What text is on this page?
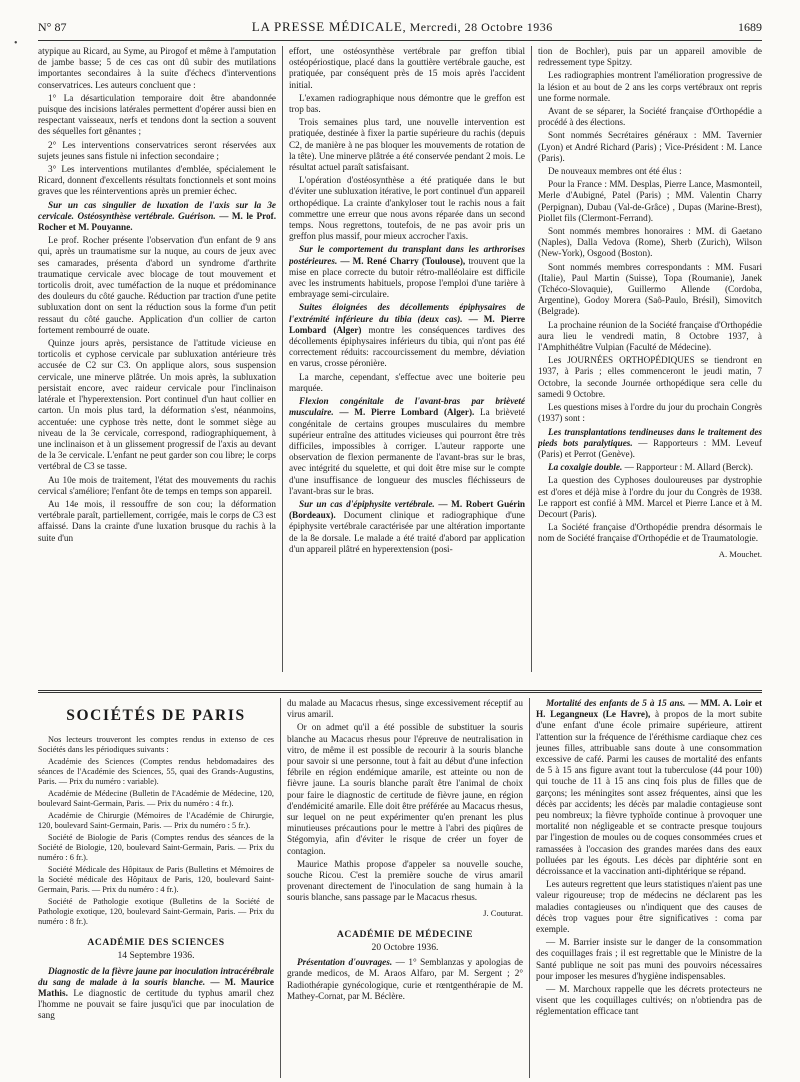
•
N° 87	LA PRESSE MÉDICALE, Mercredi, 28 Octobre 1936	1689

atypique au Ricard, au Syme, au Pirogof et même à l'amputation de jambe basse; 5 de ces cas ont dû subir des mutilations importantes secondaires à la suite d'échecs d'interventions conservatrices. Les auteurs concluent que :

1° La désarticulation temporaire doit être abandonnée puisque des incisions latérales permettent d'opérer aussi bien en respectant vaisseaux, nerfs et tendons dont la section a souvent des séquelles fort gênantes ;

2° Les interventions conservatrices seront réservées aux sujets jeunes sans fistule ni infection secondaire ;

3° Les interventions mutilantes d'emblée, spécialement le Ricard, donnent d'excellents résultats fonctionnels et sont moins graves que les réinterventions après un premier échec.

Sur un cas singulier de luxation de l'axis sur la 3e cervicale. Ostéosynthèse vertébrale. Guérison. — M. le Prof. Rocher et M. Pouyanne.

Le prof. Rocher présente l'observation d'un enfant de 9 ans qui, après un traumatisme sur la nuque, au cours de jeux avec ses camarades, présenta d'abord un syndrome d'arthrite traumatique cervicale avec blocage de tout mouvement et torticolis droit, avec tuméfaction de la nuque et prédominance des douleurs du côté gauche. Réduction par traction d'une petite subluxation dont on sent la réduction sous la forme d'un petit ressaut du côté gauche. Application d'un collier de carton fortement rembourré de ouate.

Quinze jours après, persistance de l'attitude vicieuse en torticolis et cyphose cervicale par subluxation antérieure très accusée de C2 sur C3. On applique alors, sous suspension cervicale, une minerve plâtrée. Un mois après, la subluxation persistait encore, avec raideur cervicale pour l'inclinaison latérale et l'hyperextension. Port continuel d'un haut collier en carton. Un mois plus tard, la déformation s'est, néanmoins, accentuée: une cyphose très nette, dont le sommet siège au niveau de la 3e cervicale, correspond, radiographiquement, à une inclinaison et à un glissement progressif de l'axis au devant de la 3e cervicale. L'enfant ne peut garder son cou libre; le corps vertébral de C3 se tasse.

Au 10e mois de traitement, l'état des mouvements du rachis cervical s'améliore; l'enfant ôte de temps en temps son appareil.

Au 14e mois, il ressouffre de son cou; la déformation vertébrale paraît, partiellement, corrigée, mais le corps de C3 est affaissé. Dans la crainte d'une luxation brusque du rachis à la suite d'un

effort, une ostéosynthèse vertébrale par greffon tibial ostéopériostique, placé dans la gouttière vertébrale gauche, est pratiquée, par conséquent près de 15 mois après l'accident initial.

L'examen radiographique nous démontre que le greffon est trop bas.

Trois semaines plus tard, une nouvelle intervention est pratiquée, destinée à fixer la partie supérieure du rachis (depuis C2, de manière à ne pas bloquer les mouvements de rotation de la tête). Une minerve plâtrée a été conservée pendant 2 mois. Le résultat actuel paraît satisfaisant.

L'opération d'ostéosynthèse a été pratiquée dans le but d'éviter une subluxation itérative, le port continuel d'un appareil orthopédique. La crainte d'ankyloser tout le rachis nous a fait commettre une erreur que nous avons réparée dans un second temps. Nous regrettons, toutefois, de ne pas avoir pris un greffon plus massif, pour mieux accrocher l'axis.

Sur le comportement du transplant dans les arthrorises postérieures. — M. René Charry (Toulouse), trouvent que la mise en place correcte du butoir rétro-malléolaire est difficile avec les instruments habituels, propose l'emploi d'une tarière à embrayage semi-circulaire.

Suites éloignées des décollements épiphysaires de l'extrémité inférieure du tibia (deux cas). — M. Pierre Lombard (Alger) montre les conséquences tardives des décollements épiphysaires inférieurs du tibia, qui n'ont pas été correctement réduits: raccourcissement du membre, déviation en varus, crosse péronière.

La marche, cependant, s'effectue avec une boiterie peu marquée.

Flexion congénitale de l'avant-bras par brièveté musculaire. — M. Pierre Lombard (Alger). La brièveté congénitale de certains groupes musculaires du membre supérieur entraîne des attitudes vicieuses qui pourront être très difficiles, impossibles à corriger. L'auteur rapporte une observation de flexion permanente de l'avant-bras sur le bras, avec intégrité du squelette, et qui doit être mise sur le compte d'une insuffisance de longueur des muscles fléchisseurs de l'avant-bras sur le bras.

Sur un cas d'épiphysite vertébrale. — M. Robert Guérin (Bordeaux). Document clinique et radiographique d'une épiphysite vertébrale caractérisée par une altération importante de la 8e dorsale. Le malade a été traité d'abord par application d'un appareil plâtré en hyperextension (posi-

tion de Bochler), puis par un appareil amovible de redressement type Spitzy.

Les radiographies montrent l'amélioration progressive de la lésion et au bout de 2 ans les corps vertébraux ont repris une forme normale.

Avant de se séparer, la Société française d'Orthopédie a procédé à des élections.

Sont nommés Secrétaires généraux : MM. Tavernier (Lyon) et André Richard (Paris) ; Vice-Président : M. Lance (Paris).

De nouveaux membres ont été élus :

Pour la France : MM. Desplas, Pierre Lance, Masmonteil, Merle d'Aubigné, Patel (Paris) ; MM. Valentin Charry (Perpignan), Dubau (Val-de-Grâce) , Dupas (Marine-Brest), Piollet fils (Clermont-Ferrand).

Sont nommés membres honoraires : MM. di Gaetano (Naples), Dalla Vedova (Rome), Sherb (Zurich), Wilson (New-York), Osgood (Boston).

Sont nommés membres correspondants : MM. Fusari (Italie), Paul Martin (Suisse), Topa (Roumanie), Janek (Tchéco-Slovaquie), Guillermo Allende (Cordoba, Argentine), Godoy Morera (Saô-Paulo, Brésil), Simovitch (Belgrade).

La prochaine réunion de la Société française d'Orthopédie aura lieu le vendredi matin, 8 Octobre 1937, à l'Amphithéâtre Vulpian (Faculté de Médecine).

Les JOURNÉES ORTHOPÉDIQUES se tiendront en 1937, à Paris ; elles commenceront le jeudi matin, 7 Octobre, la seconde Journée orthopédique sera celle du samedi 9 Octobre.

Les questions mises à l'ordre du jour du prochain Congrès (1937) sont :

Les transplantations tendineuses dans le traitement des pieds bots paralytiques. — Rapporteurs : MM. Leveuf (Paris) et Perrot (Genève).

La coxalgie double. — Rapporteur : M. Allard (Berck).

La question des Cyphoses douloureuses par dystrophie est d'ores et déjà mise à l'ordre du jour du Congrès de 1938. Le rapport est confié à MM. Marcel et Pierre Lance et à M. Decourt (Paris).

La Société française d'Orthopédie prendra désormais le nom de Société française d'Orthopédie et de Traumatologie.

A. Mouchet.
SOCIÉTÉS DE PARIS

Nos lecteurs trouveront les comptes rendus in extenso de ces Sociétés dans les périodiques suivants :

Académie des Sciences (Comptes rendus hebdomadaires des séances de l'Académie des Sciences, 55, quai des Grands-Augustins, Paris. — Prix du numéro : variable).

Académie de Médecine (Bulletin de l'Académie de Médecine, 120, boulevard Saint-Germain, Paris. — Prix du numéro : 4 fr.).

Académie de Chirurgie (Mémoires de l'Académie de Chirurgie, 120, boulevard Saint-Germain, Paris. — Prix du numéro : 5 fr.).

Société de Biologie de Paris (Comptes rendus des séances de la Société de Biologie, 120, boulevard Saint-Germain, Paris. — Prix du numéro : 6 fr.).

Société Médicale des Hôpitaux de Paris (Bulletins et Mémoires de la Société médicale des Hôpitaux de Paris, 120, boulevard Saint-Germain, Paris. — Prix du numéro : 4 fr.).

Société de Pathologie exotique (Bulletins de la Société de Pathologie exotique, 120, boulevard Saint-Germain, Paris. — Prix du numéro : 8 fr.).

ACADÉMIE DES SCIENCES
14 Septembre 1936.

Diagnostic de la fièvre jaune par inoculation intracérébrale du sang de malade à la souris blanche. — M. Maurice Mathis. Le diagnostic de certitude du typhus amaril chez l'homme ne pouvait se faire jusqu'ici que par inoculation de sang

du malade au Macacus rhesus, singe excessivement réceptif au virus amaril.

Or on admet qu'il a été possible de substituer la souris blanche au Macacus rhesus pour l'épreuve de neutralisation in vitro, de même il est possible de recourir à la souris blanche pour savoir si une personne, tout à fait au début d'une infection fébrile en région endémique amarile, est atteinte ou non de fièvre jaune. La souris blanche paraît être l'animal de choix pour faire le diagnostic de certitude de fièvre jaune, en région d'endémicité amarile. Elle doit être préférée au Macacus rhesus, sur lequel on ne peut expérimenter qu'en prenant les plus minutieuses précautions pour le mettre à l'abri des piqûres de Stégomyia, afin d'éviter le risque de créer un foyer de contagion.

Maurice Mathis propose d'appeler sa nouvelle souche, souche Ricou. C'est la première souche de virus amaril provenant directement de l'inoculation de sang humain à la souris blanche, sans passage par le Macacus rhesus.

J. Couturat.
ACADÉMIE DE MÉDECINE
20 Octobre 1936.

Présentation d'ouvrages. — 1° Semblanzas y apologias de grande medicos, de M. Araos Alfaro, par M. Sergent ; 2° Radiothérapie gynécologique, curie et rœntgenthérapie de M. Mathey-Cornat, par M. Béclère.

Mortalité des enfants de 5 à 15 ans. — MM. A. Loir et H. Legangneux (Le Havre), à propos de la mort subite d'une enfant d'une école primaire supérieure, attirent l'attention sur la fréquence de l'éréthisme cardiaque chez ces jeunes filles, attribuable sans doute à une consommation excessive de café. Parmi les causes de mortalité des enfants de 5 à 15 ans figure avant tout la tuberculose (44 pour 100) qui touche de 11 à 15 ans cinq fois plus de filles que de garçons; les méningites sont assez fréquentes, ainsi que les décès par accidents; les décès par maladie contagieuse sont peu nombreux; la fièvre typhoïde continue à provoquer une mortalité non négligeable et se contracte presque toujours par l'ingestion de moules ou de coques consommées crues et ramassées à l'occasion des grandes marées dans des eaux polluées par les égouts. Les décès par diphtérie sont en décroissance et la vaccination anti-diphtérique se répand.

Les auteurs regrettent que leurs statistiques n'aient pas une valeur rigoureuse; trop de médecins ne déclarent pas les maladies contagieuses ou n'indiquent que des causes de décès trop vagues pour être significatives : coma par exemple.

— M. Barrier insiste sur le danger de la consommation des coquillages frais ; il est regrettable que le Ministre de la Santé publique ne soit pas muni des pouvoirs nécessaires pour imposer les mesures d'hygiène indispensables.

— M. Marchoux rappelle que les décrets protecteurs ne visent que les coquillages cultivés; on n'obtiendra pas de réglementation efficace tant
